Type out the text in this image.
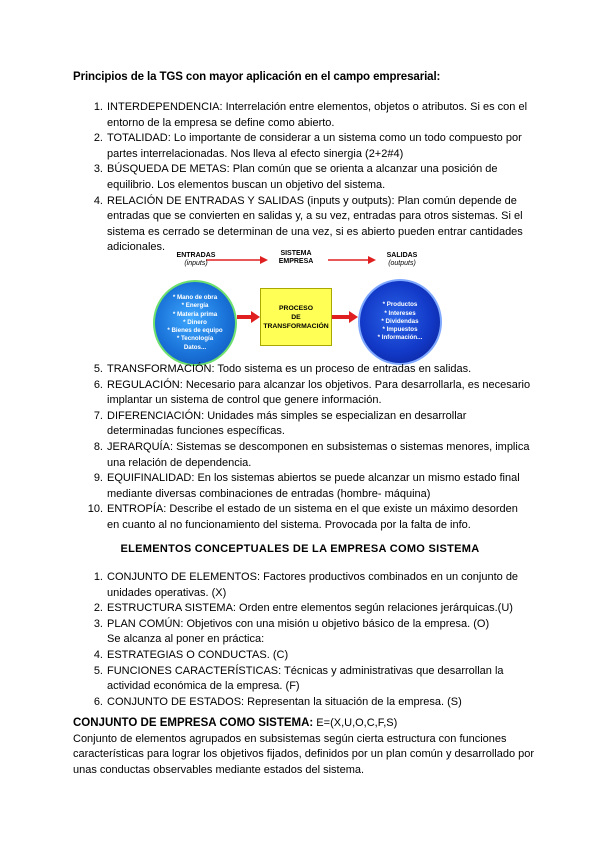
Principios de la TGS con mayor aplicación en el campo empresarial:
1. INTERDEPENDENCIA: Interrelación entre elementos, objetos o atributos. Si es con el entorno de la empresa se define como abierto.
2. TOTALIDAD: Lo importante de considerar a un sistema como un todo compuesto por partes interrelacionadas. Nos lleva al efecto sinergia (2+2#4)
3. BÚSQUEDA DE METAS: Plan común que se orienta a alcanzar una posición de equilibrio. Los elementos buscan un objetivo del sistema.
4. RELACIÓN DE ENTRADAS Y SALIDAS (inputs y outputs): Plan común depende de entradas que se convierten en salidas y, a su vez, entradas para otros sistemas. Si el sistema es cerrado se determinan de una vez, si es abierto pueden entrar cantidades adicionales.
ENTRADAS
(inputs)
SISTEMA
EMPRESA
SALIDAS
(outputs)
* Mano de obra
* Energía
* Materia prima
* Dinero
* Bienes de equipo
* Tecnología
Datos...
PROCESO
DE
TRANSFORMACIÓN
* Productos
* Intereses
* Dividendas
* Impuestos
* Información...
5. TRANSFORMACIÓN: Todo sistema es un proceso de entradas en salidas.
6. REGULACIÓN: Necesario para alcanzar los objetivos. Para desarrollarla, es necesario implantar un sistema de control que genere información.
7. DIFERENCIACIÓN: Unidades más simples se especializan en desarrollar determinadas funciones específicas.
8. JERARQUÍA: Sistemas se descomponen en subsistemas o sistemas menores, implica una relación de dependencia.
9. EQUIFINALIDAD: En los sistemas abiertos se puede alcanzar un mismo estado final mediante diversas combinaciones de entradas (hombre- máquina)
10. ENTROPÍA: Describe el estado de un sistema en el que existe un máximo desorden en cuanto al no funcionamiento del sistema. Provocada por la falta de info.
ELEMENTOS CONCEPTUALES DE LA EMPRESA COMO SISTEMA
1. CONJUNTO DE ELEMENTOS: Factores productivos combinados en un conjunto de unidades operativas. (X)
2. ESTRUCTURA SISTEMA: Orden entre elementos según relaciones jerárquicas.(U)
3. PLAN COMÚN: Objetivos con una misión u objetivo básico de la empresa. (O)
Se alcanza al poner en práctica:
4. ESTRATEGIAS O CONDUCTAS. (C)
5. FUNCIONES CARACTERÍSTICAS: Técnicas y administrativas que desarrollan la actividad económica de la empresa. (F)
6. CONJUNTO DE ESTADOS: Representan la situación de la empresa. (S)
CONJUNTO DE EMPRESA COMO SISTEMA: E=(X,U,O,C,F,S)
Conjunto de elementos agrupados en subsistemas según cierta estructura con funciones características para lograr los objetivos fijados, definidos por un plan común y desarrollado por unas conductas observables mediante estados del sistema.
